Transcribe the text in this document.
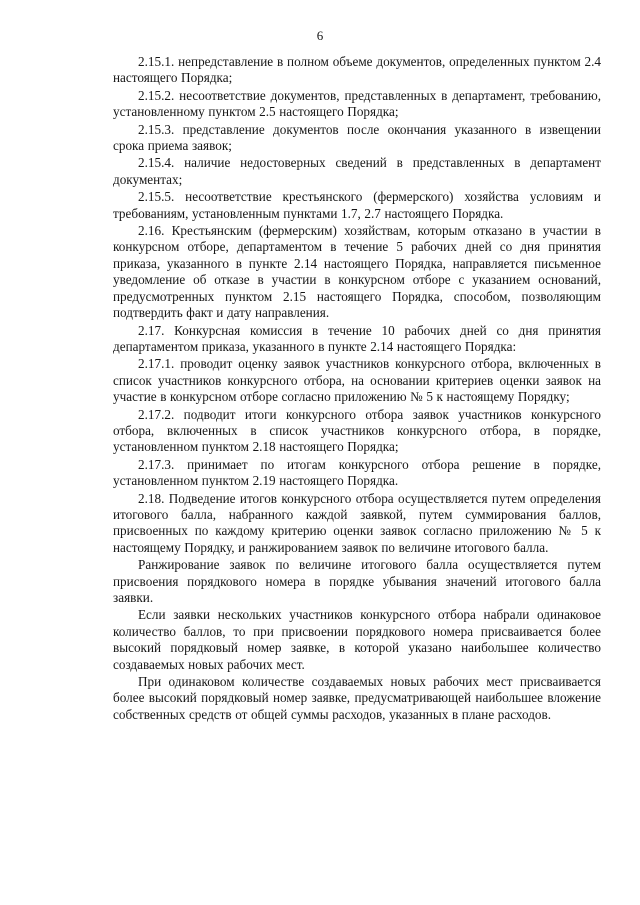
6

2.15.1. непредставление в полном объеме документов, определенных пунктом 2.4 настоящего Порядка;

2.15.2. несоответствие документов, представленных в департамент, требованию, установленному пунктом 2.5 настоящего Порядка;

2.15.3. представление документов после окончания указанного в извещении срока приема заявок;

2.15.4. наличие недостоверных сведений в представленных в департамент документах;

2.15.5. несоответствие крестьянского (фермерского) хозяйства условиям и требованиям, установленным пунктами 1.7, 2.7 настоящего Порядка.

2.16. Крестьянским (фермерским) хозяйствам, которым отказано в участии в конкурсном отборе, департаментом в течение 5 рабочих дней со дня принятия приказа, указанного в пункте 2.14 настоящего Порядка, направляется письменное уведомление об отказе в участии в конкурсном отборе с указанием оснований, предусмотренных пунктом 2.15 настоящего Порядка, способом, позволяющим подтвердить факт и дату направления.

2.17. Конкурсная комиссия в течение 10 рабочих дней со дня принятия департаментом приказа, указанного в пункте 2.14 настоящего Порядка:

2.17.1. проводит оценку заявок участников конкурсного отбора, включенных в список участников конкурсного отбора, на основании критериев оценки заявок на участие в конкурсном отборе согласно приложению № 5 к настоящему Порядку;

2.17.2. подводит итоги конкурсного отбора заявок участников конкурсного отбора, включенных в список участников конкурсного отбора, в порядке, установленном пунктом 2.18 настоящего Порядка;

2.17.3. принимает по итогам конкурсного отбора решение в порядке, установленном пунктом 2.19 настоящего Порядка.

2.18. Подведение итогов конкурсного отбора осуществляется путем определения итогового балла, набранного каждой заявкой, путем суммирования баллов, присвоенных по каждому критерию оценки заявок согласно приложению № 5 к настоящему Порядку, и ранжированием заявок по величине итогового балла.

Ранжирование заявок по величине итогового балла осуществляется путем присвоения порядкового номера в порядке убывания значений итогового балла заявки.

Если заявки нескольких участников конкурсного отбора набрали одинаковое количество баллов, то при присвоении порядкового номера присваивается более высокий порядковый номер заявке, в которой указано наибольшее количество создаваемых новых рабочих мест.

При одинаковом количестве создаваемых новых рабочих мест присваивается более высокий порядковый номер заявке, предусматривающей наибольшее вложение собственных средств от общей суммы расходов, указанных в плане расходов.
